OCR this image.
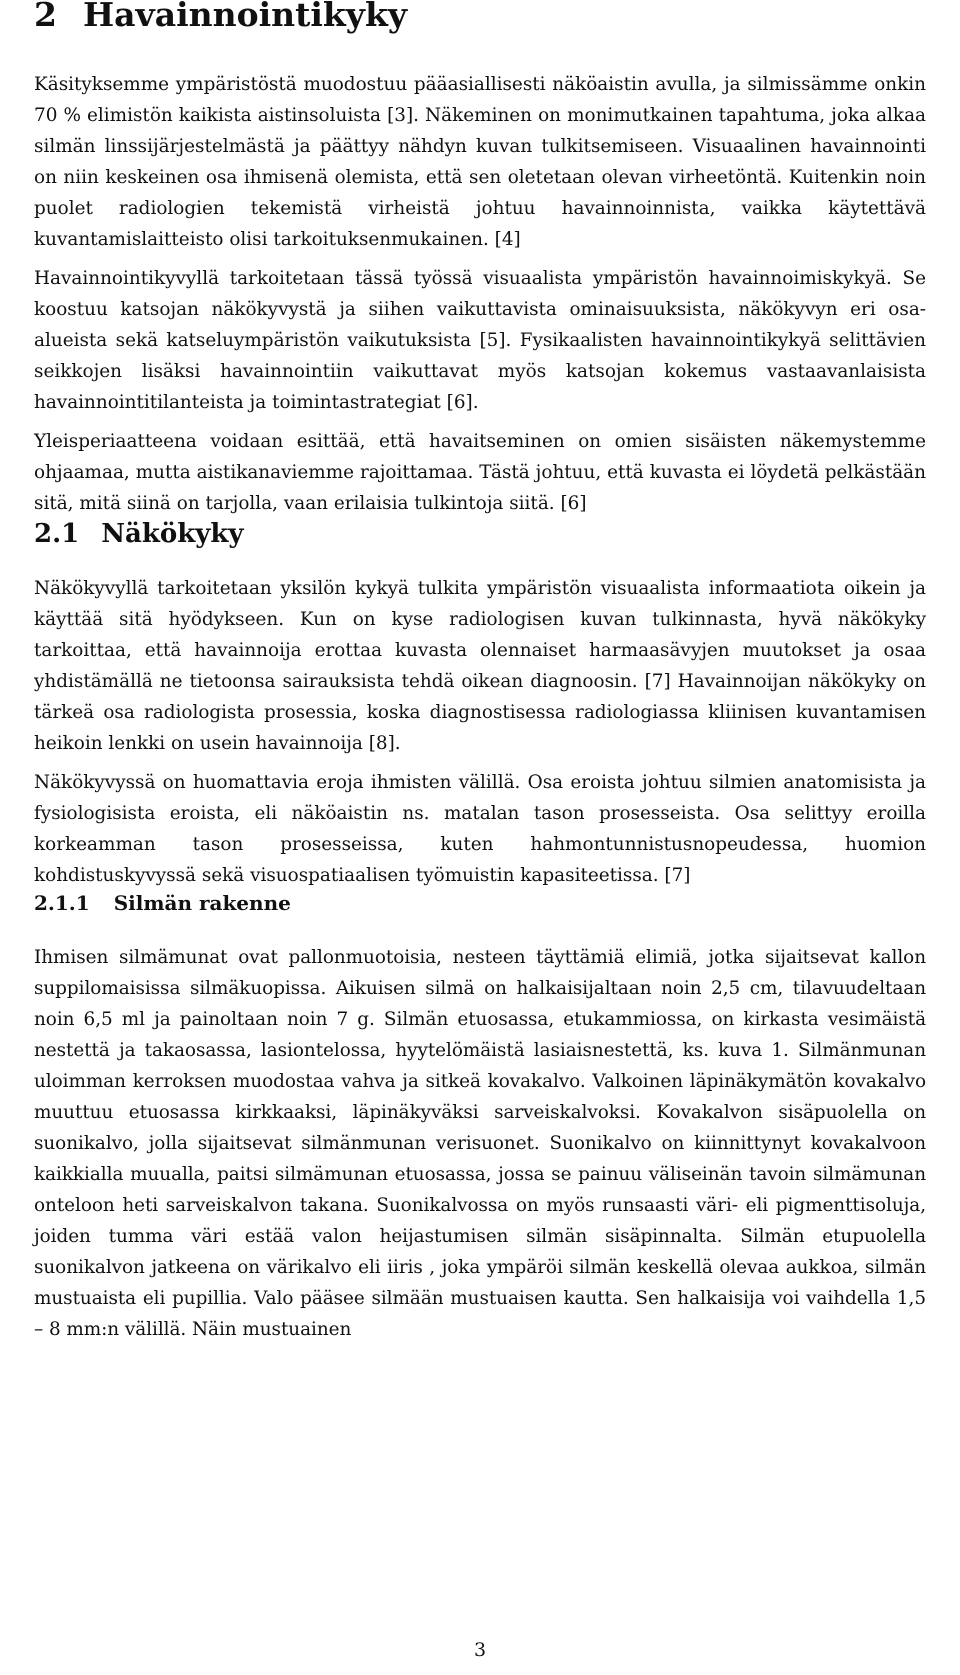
2 Havainnointikyky

Käsityksemme ympäristöstä muodostuu pääasiallisesti näköaistin avulla, ja silmissämme onkin 70 % elimistön kaikista aistinsoluista [3]. Näkeminen on monimutkainen tapahtuma, joka alkaa silmän linssijärjestelmästä ja päättyy nähdyn kuvan tulkitsemiseen. Visuaalinen havainnointi on niin keskeinen osa ihmisenä olemista, että sen oletetaan olevan virheetöntä. Kuitenkin noin puolet radiologien tekemistä virheistä johtuu havainnoinnista, vaikka käytettävä kuvantamislaitteisto olisi tarkoituksenmukainen. [4]

Havainnointikyvyllä tarkoitetaan tässä työssä visuaalista ympäristön havainnoimiskykyä. Se koostuu katsojan näkökyvystä ja siihen vaikuttavista ominaisuuksista, näkökyvyn eri osa-alueista sekä katseluympäristön vaikutuksista [5]. Fysikaalisten havainnointikykyä selittävien seikkojen lisäksi havainnointiin vaikuttavat myös katsojan kokemus vastaavanlaisista havainnointitilanteista ja toimintastrategiat [6].

Yleisperiaatteena voidaan esittää, että havaitseminen on omien sisäisten näkemystemme ohjaamaa, mutta aistikanaviemme rajoittamaa. Tästä johtuu, että kuvasta ei löydetä pelkästään sitä, mitä siinä on tarjolla, vaan erilaisia tulkintoja siitä. [6]

2.1 Näkökyky

Näkökyvyllä tarkoitetaan yksilön kykyä tulkita ympäristön visuaalista informaatiota oikein ja käyttää sitä hyödykseen. Kun on kyse radiologisen kuvan tulkinnasta, hyvä näkökyky tarkoittaa, että havainnoija erottaa kuvasta olennaiset harmaasävyjen muutokset ja osaa yhdistämällä ne tietoonsa sairauksista tehdä oikean diagnoosin. [7] Havainnoijan näkökyky on tärkeä osa radiologista prosessia, koska diagnostisessa radiologiassa kliinisen kuvantamisen heikoin lenkki on usein havainnoija [8].

Näkökyvyssä on huomattavia eroja ihmisten välillä. Osa eroista johtuu silmien anatomisista ja fysiologisista eroista, eli näköaistin ns. matalan tason prosesseista. Osa selittyy eroilla korkeamman tason prosesseissa, kuten hahmontunnistusnopeudessa, huomion kohdistuskyvyssä sekä visuospatiaalisen työmuistin kapasiteetissa. [7]

2.1.1 Silmän rakenne

Ihmisen silmämunat ovat pallonmuotoisia, nesteen täyttämiä elimiä, jotka sijaitsevat kallon suppilomaisissa silmäkuopissa. Aikuisen silmä on halkaisijaltaan noin 2,5 cm, tilavuudeltaan noin 6,5 ml ja painoltaan noin 7 g. Silmän etuosassa, etukammiossa, on kirkasta vesimäistä nestettä ja takaosassa, lasiontelossa, hyytelömäistä lasiaisnestettä, ks. kuva 1. Silmänmunan uloimman kerroksen muodostaa vahva ja sitkeä kovakalvo. Valkoinen läpinäkymätön kovakalvo muuttuu etuosassa kirkkaaksi, läpinäkyväksi sarveiskalvoksi. Kovakalvon sisäpuolella on suonikalvo, jolla sijaitsevat silmänmunan verisuonet. Suonikalvo on kiinnittynyt kovakalvoon kaikkialla muualla, paitsi silmämunan etuosassa, jossa se painuu väliseinän tavoin silmämunan onteloon heti sarveiskalvon takana. Suonikalvossa on myös runsaasti väri- eli pigmenttisoluja, joiden tumma väri estää valon heijastumisen silmän sisäpinnalta. Silmän etupuolella suonikalvon jatkeena on värikalvo eli iiris , joka ympäröi silmän keskellä olevaa aukkoa, silmän mustuaista eli pupillia. Valo pääsee silmään mustuaisen kautta. Sen halkaisija voi vaihdella 1,5 – 8 mm:n välillä. Näin mustuainen

3
